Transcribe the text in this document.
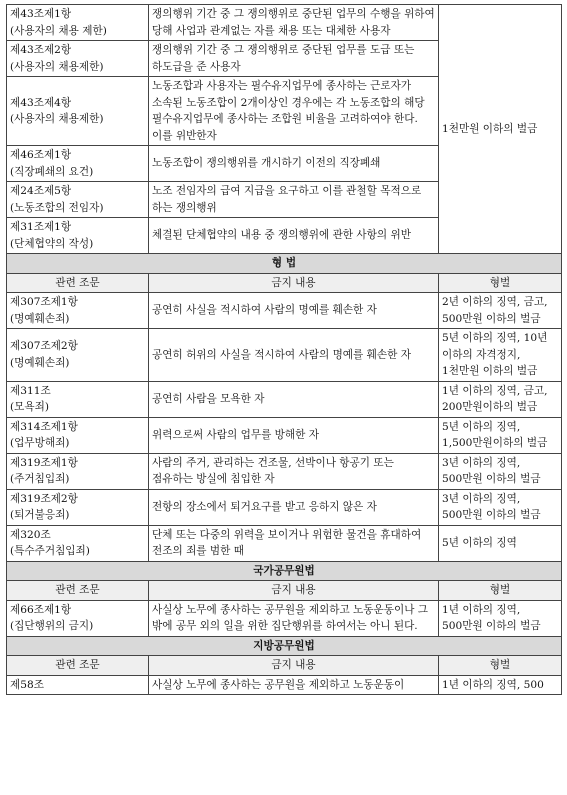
제43조제1항
(사용자의 채용 제한)	쟁의행위 기간 중 그 쟁의행위로 중단된 업무의 수행을 위하여 당해 사업과 관계없는 자를 채용 또는 대체한 사용자	1천만원 이하의 벌금

제43조제2항
(사용자의 채용제한)	쟁의행위 기간 중 그 쟁의행위로 중단된 업무를 도급 또는 하도급을 준 사용자	

제43조제4항
(사용자의 채용제한)	노동조합과 사용자는 필수유지업무에 종사하는 근로자가 소속된 노동조합이 2개이상인 경우에는 각 노동조합의 해당 필수유지업무에 종사하는 조합원 비율을 고려하여야 한다. 이를 위반한자	

제46조제1항
(직장폐쇄의 요건)	노동조합이 쟁의행위를 개시하기 이전의 직장폐쇄	

제24조제5항
(노동조합의 전임자)	노조 전임자의 급여 지급을 요구하고 이를 관철할 목적으로 하는 쟁의행위	

제31조제1항
(단체협약의 작성)	체결된 단체협약의 내용 중 쟁의행위에 관한 사항의 위반	
형 법		
관련 조문	금지 내용	형벌

제307조제1항
(명예훼손죄)	공연히 사실을 적시하여 사람의 명예를 훼손한 자	2년 이하의 징역, 금고, 500만원 이하의 벌금

제307조제2항
(명예훼손죄)	공연히 허위의 사실을 적시하여 사람의 명예를 훼손한 자	5년 이하의 징역, 10년 이하의 자격정지, 1천만원 이하의 벌금

제311조
(모욕죄)	공연히 사람을 모욕한 자	1년 이하의 징역, 금고, 200만원이하의 벌금

제314조제1항
(업무방해죄)	위력으로써 사람의 업무를 방해한 자	5년 이하의 징역, 1,500만원이하의 벌금

제319조제1항
(주거침입죄)	사람의 주거, 관리하는 건조물, 선박이나 항공기 또는 점유하는 방실에 침입한 자	3년 이하의 징역, 500만원 이하의 벌금

제319조제2항
(퇴거불응죄)	전항의 장소에서 퇴거요구를 받고 응하지 않은 자	3년 이하의 징역, 500만원 이하의 벌금

제320조
(특수주거침입죄)	단체 또는 다중의 위력을 보이거나 위험한 물건을 휴대하여 전조의 죄를 범한 때	5년 이하의 징역
국가공무원법		
관련 조문	금지 내용	형벌

제66조제1항
(집단행위의 금지)	사실상 노무에 종사하는 공무원을 제외하고 노동운동이나 그 밖에 공무 외의 일을 위한 집단행위를 하여서는 아니 된다.	1년 이하의 징역, 500만원 이하의 벌금
지방공무원법		
관련 조문	금지 내용	형벌

제58조	사실상 노무에 종사하는 공무원을 제외하고 노동운동이	1년 이하의 징역, 500
